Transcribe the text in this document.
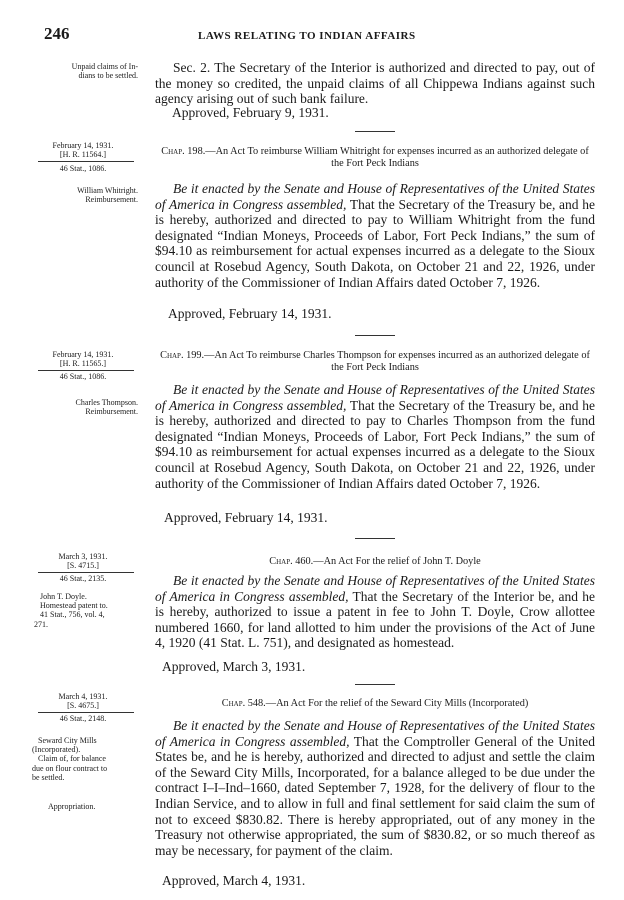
246	LAWS RELATING TO INDIAN AFFAIRS
Unpaid claims of In-
dians to be settled.
Sec. 2. The Secretary of the Interior is authorized and directed to pay, out of the money so credited, the unpaid claims of all Chippewa Indians against such agency arising out of such bank failure.
Approved, February 9, 1931.
February 14, 1931.
[H. R. 11564.]
46 Stat., 1086.
Chap. 198.—An Act To reimburse William Whitright for expenses incurred as an authorized delegate of the Fort Peck Indians
William Whitright.
Reimbursement.
Be it enacted by the Senate and House of Representatives of the United States of America in Congress assembled, That the Secretary of the Treasury be, and he is hereby, authorized and directed to pay to William Whitright from the fund designated “Indian Moneys, Proceeds of Labor, Fort Peck Indians,” the sum of $94.10 as reimbursement for actual expenses incurred as a delegate to the Sioux council at Rosebud Agency, South Dakota, on October 21 and 22, 1926, under authority of the Commissioner of Indian Affairs dated October 7, 1926.
Approved, February 14, 1931.
February 14, 1931.
[H. R. 11565.]
46 Stat., 1086.
Chap. 199.—An Act To reimburse Charles Thompson for expenses incurred as an authorized delegate of the Fort Peck Indians
Charles Thompson.
Reimbursement.
Be it enacted by the Senate and House of Representatives of the United States of America in Congress assembled, That the Secretary of the Treasury be, and he is hereby, authorized and directed to pay to Charles Thompson from the fund designated “Indian Moneys, Proceeds of Labor, Fort Peck Indians,” the sum of $94.10 as reimbursement for actual expenses incurred as a delegate to the Sioux council at Rosebud Agency, South Dakota, on October 21 and 22, 1926, under authority of the Commissioner of Indian Affairs dated October 7, 1926.
Approved, February 14, 1931.
March 3, 1931.
[S. 4715.]
46 Stat., 2135.
Chap. 460.—An Act For the relief of John T. Doyle
John T. Doyle.
Homestead patent to.
41 Stat., 756, vol. 4,
271.
Be it enacted by the Senate and House of Representatives of the United States of America in Congress assembled, That the Secretary of the Interior be, and he is hereby, authorized to issue a patent in fee to John T. Doyle, Crow allottee numbered 1660, for land allotted to him under the provisions of the Act of June 4, 1920 (41 Stat. L. 751), and designated as homestead.
Approved, March 3, 1931.
March 4, 1931.
[S. 4675.]
46 Stat., 2148.
Chap. 548.—An Act For the relief of the Seward City Mills (Incorporated)
Seward City Mills
(Incorporated).
Claim of, for balance
due on flour contract to
be settled.
Appropriation.
Be it enacted by the Senate and House of Representatives of the United States of America in Congress assembled, That the Comptroller General of the United States be, and he is hereby, authorized and directed to adjust and settle the claim of the Seward City Mills, Incorporated, for a balance alleged to be due under the contract I–I–Ind–1660, dated September 7, 1928, for the delivery of flour to the Indian Service, and to allow in full and final settlement for said claim the sum of not to exceed $830.82. There is hereby appropriated, out of any money in the Treasury not otherwise appropriated, the sum of $830.82, or so much thereof as may be necessary, for payment of the claim.
Approved, March 4, 1931.
